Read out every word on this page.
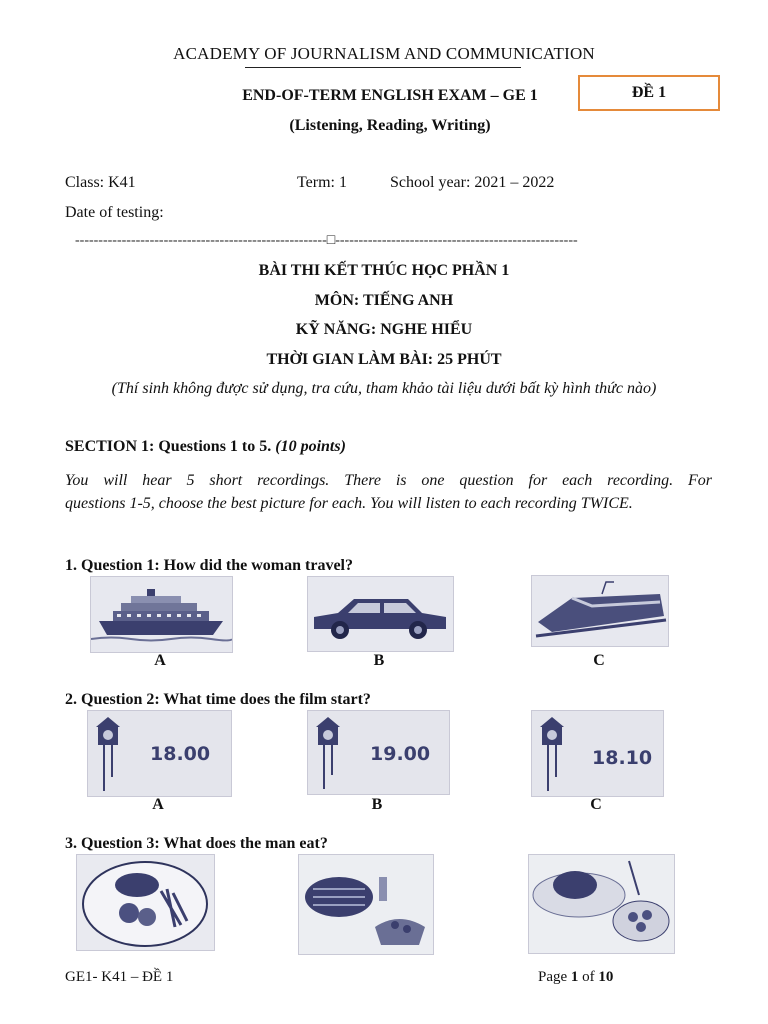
ACADEMY OF JOURNALISM AND COMMUNICATION
END-OF-TERM ENGLISH EXAM – GE 1	ĐỀ 1
(Listening, Reading, Writing)
Class: K41	Term: 1	School year: 2021 – 2022
Date of testing:
------------------------------------------------------□----------------------------------------------------
BÀI THI KẾT THÚC HỌC PHẦN 1
MÔN: TIẾNG ANH
KỸ NĂNG: NGHE HIỂU
THỜI GIAN LÀM BÀI: 25 PHÚT
(Thí sinh không được sử dụng, tra cứu, tham khảo tài liệu dưới bất kỳ hình thức nào)
SECTION 1: Questions 1 to 5. (10 points)
You will hear 5 short recordings. There is one question for each recording. For
questions 1-5, choose the best picture for each. You will listen to each recording TWICE.
1. Question 1: How did the woman travel?
A	B	C
2. Question 2: What time does the film start?
18.00	19.00	18.10
A	B	C
3. Question 3: What does the man eat?
GE1- K41 – ĐỀ 1	Page 1 of 10
